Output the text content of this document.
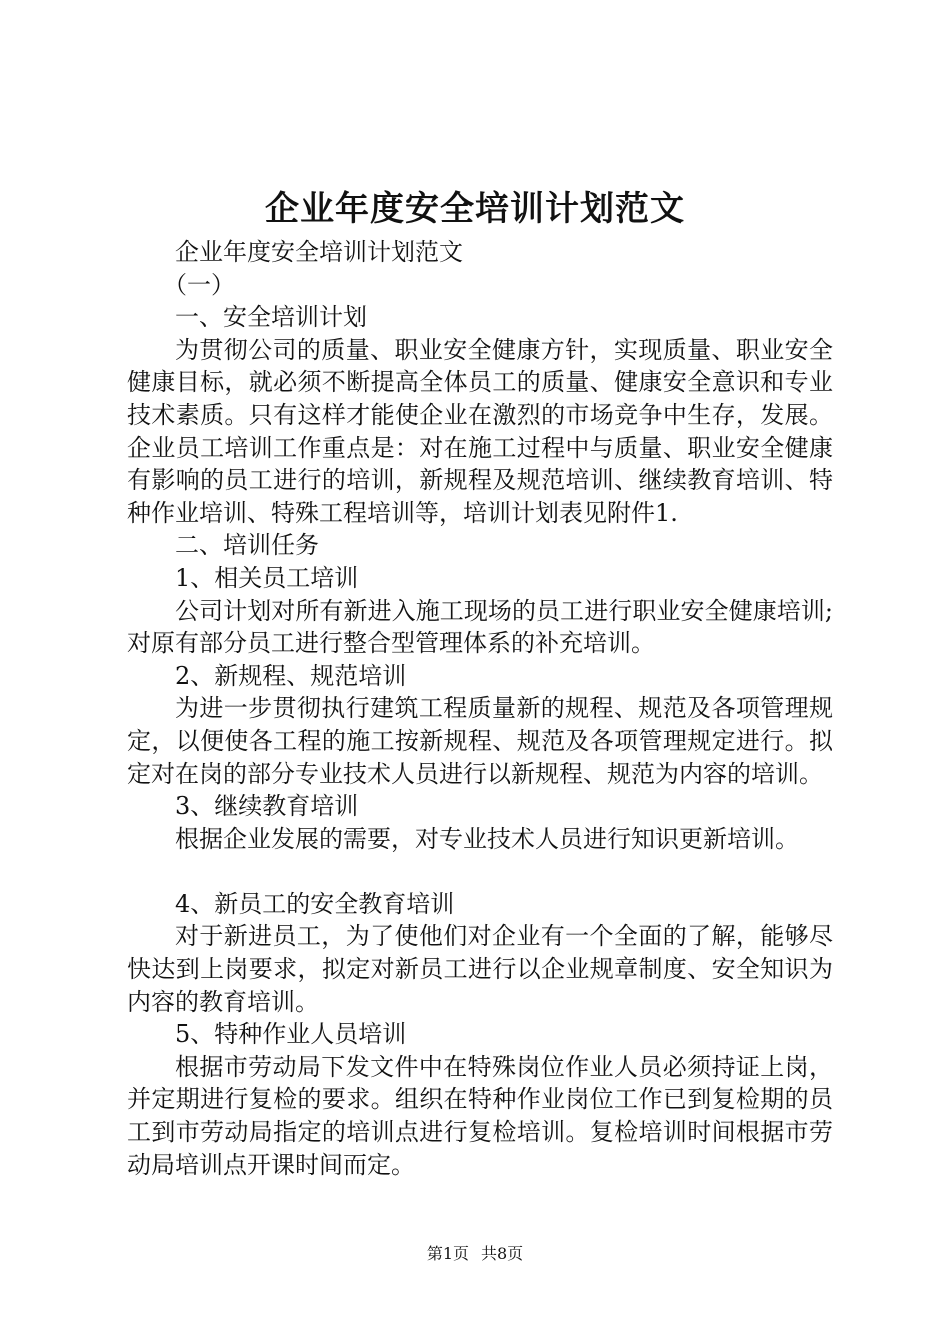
企业年度安全培训计划范文
企业年度安全培训计划范文
（一）
一、安全培训计划

为贯彻公司的质量、职业安全健康方针，实现质量、职业安全健康目标，就必须不断提高全体员工的质量、健康安全意识和专业技术素质。只有这样才能使企业在激烈的市场竞争中生存，发展。企业员工培训工作重点是：对在施工过程中与质量、职业安全健康有影响的员工进行的培训，新规程及规范培训、继续教育培训、特种作业培训、特殊工程培训等，培训计划表见附件1.

二、培训任务
1、相关员工培训

公司计划对所有新进入施工现场的员工进行职业安全健康培训;对原有部分员工进行整合型管理体系的补充培训。

2、新规程、规范培训

为进一步贯彻执行建筑工程质量新的规程、规范及各项管理规定，以便使各工程的施工按新规程、规范及各项管理规定进行。拟定对在岗的部分专业技术人员进行以新规程、规范为内容的培训。

3、继续教育培训

根据企业发展的需要，对专业技术人员进行知识更新培训。

4、新员工的安全教育培训

对于新进员工，为了使他们对企业有一个全面的了解，能够尽快达到上岗要求，拟定对新员工进行以企业规章制度、安全知识为内容的教育培训。

5、特种作业人员培训

根据市劳动局下发文件中在特殊岗位作业人员必须持证上岗，并定期进行复检的要求。组织在特种作业岗位工作已到复检期的员工到市劳动局指定的培训点进行复检培训。复检培训时间根据市劳动局培训点开课时间而定。

第1页 共8页
